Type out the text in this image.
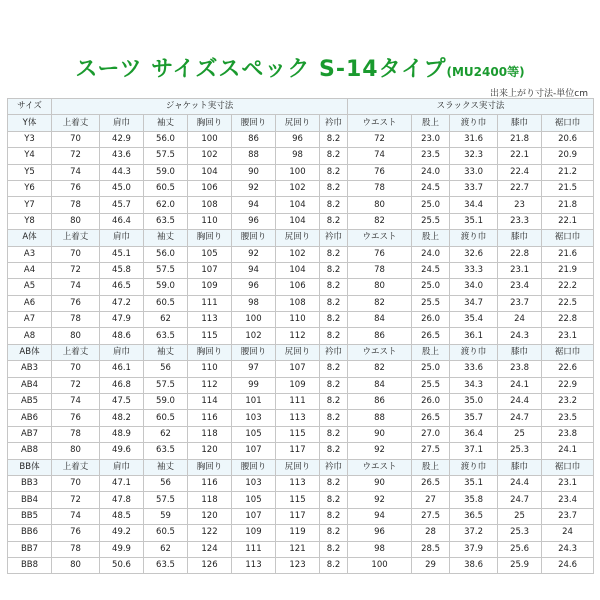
スーツ サイズスペック S-14タイプ(MU2400等)
出来上がり寸法-単位cm
サイズ	ジャケット実寸法							スラックス実寸法				
Y体	上着丈	肩巾	袖丈	胸回り	腰回り	尻回り	衿巾	ウエスト	股上	渡り巾	膝巾	裾口巾
Y3	70	42.9	56.0	100	86	96	8.2	72	23.0	31.6	21.8	20.6
Y4	72	43.6	57.5	102	88	98	8.2	74	23.5	32.3	22.1	20.9
Y5	74	44.3	59.0	104	90	100	8.2	76	24.0	33.0	22.4	21.2
Y6	76	45.0	60.5	106	92	102	8.2	78	24.5	33.7	22.7	21.5
Y7	78	45.7	62.0	108	94	104	8.2	80	25.0	34.4	23	21.8
Y8	80	46.4	63.5	110	96	104	8.2	82	25.5	35.1	23.3	22.1
A体	上着丈	肩巾	袖丈	胸回り	腰回り	尻回り	衿巾	ウエスト	股上	渡り巾	膝巾	裾口巾
A3	70	45.1	56.0	105	92	102	8.2	76	24.0	32.6	22.8	21.6
A4	72	45.8	57.5	107	94	104	8.2	78	24.5	33.3	23.1	21.9
A5	74	46.5	59.0	109	96	106	8.2	80	25.0	34.0	23.4	22.2
A6	76	47.2	60.5	111	98	108	8.2	82	25.5	34.7	23.7	22.5
A7	78	47.9	62	113	100	110	8.2	84	26.0	35.4	24	22.8
A8	80	48.6	63.5	115	102	112	8.2	86	26.5	36.1	24.3	23.1
AB体	上着丈	肩巾	袖丈	胸回り	腰回り	尻回り	衿巾	ウエスト	股上	渡り巾	膝巾	裾口巾
AB3	70	46.1	56	110	97	107	8.2	82	25.0	33.6	23.8	22.6
AB4	72	46.8	57.5	112	99	109	8.2	84	25.5	34.3	24.1	22.9
AB5	74	47.5	59.0	114	101	111	8.2	86	26.0	35.0	24.4	23.2
AB6	76	48.2	60.5	116	103	113	8.2	88	26.5	35.7	24.7	23.5
AB7	78	48.9	62	118	105	115	8.2	90	27.0	36.4	25	23.8
AB8	80	49.6	63.5	120	107	117	8.2	92	27.5	37.1	25.3	24.1
BB体	上着丈	肩巾	袖丈	胸回り	腰回り	尻回り	衿巾	ウエスト	股上	渡り巾	膝巾	裾口巾
BB3	70	47.1	56	116	103	113	8.2	90	26.5	35.1	24.4	23.1
BB4	72	47.8	57.5	118	105	115	8.2	92	27	35.8	24.7	23.4
BB5	74	48.5	59	120	107	117	8.2	94	27.5	36.5	25	23.7
BB6	76	49.2	60.5	122	109	119	8.2	96	28	37.2	25.3	24
BB7	78	49.9	62	124	111	121	8.2	98	28.5	37.9	25.6	24.3
BB8	80	50.6	63.5	126	113	123	8.2	100	29	38.6	25.9	24.6
